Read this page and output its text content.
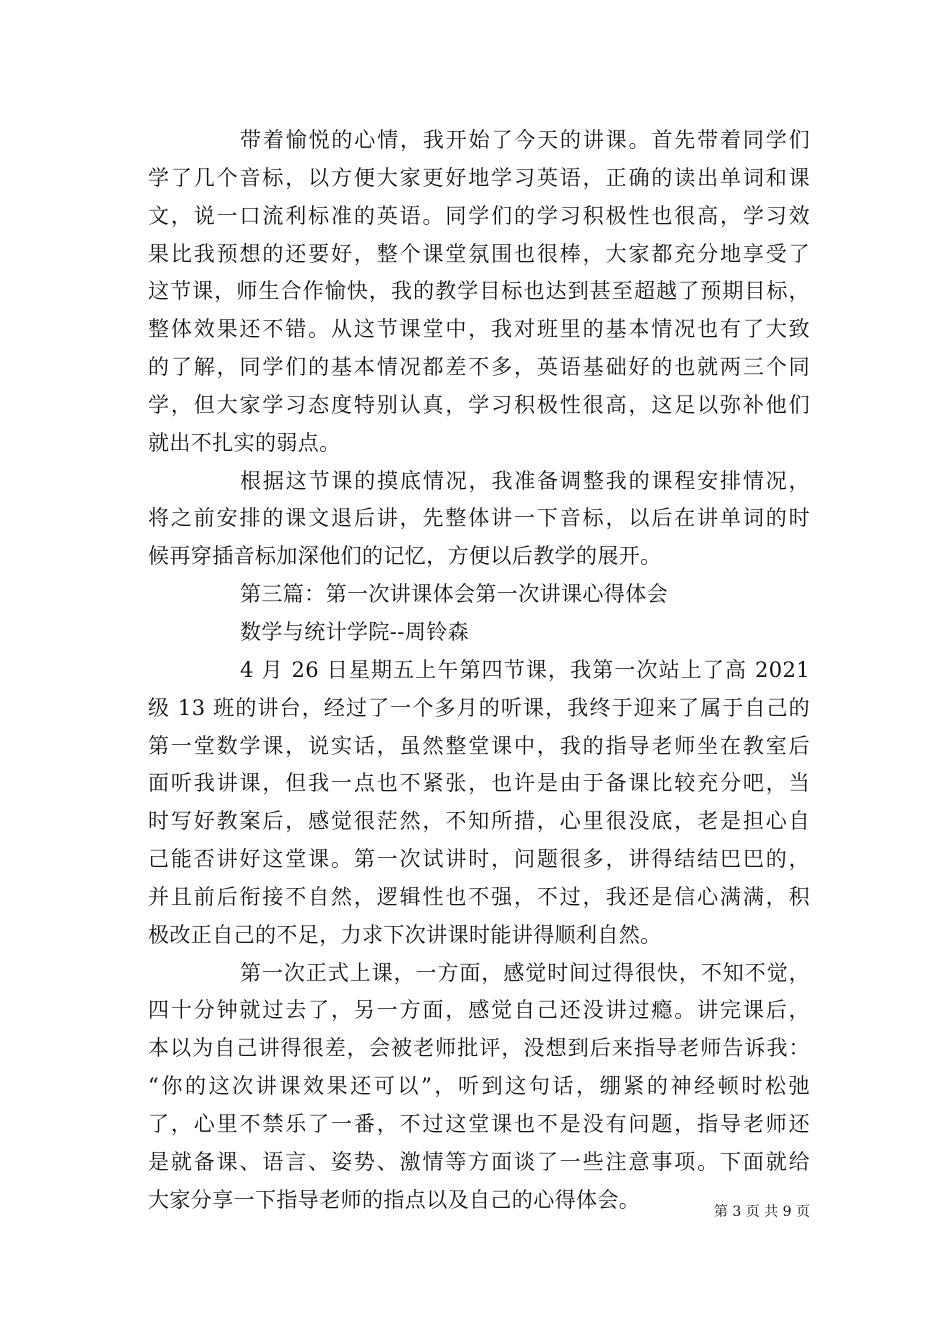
带着愉悦的心情，我开始了今天的讲课。首先带着同学们
学了几个音标，以方便大家更好地学习英语，正确的读出单词和课
文，说一口流利标准的英语。同学们的学习积极性也很高，学习效
果比我预想的还要好，整个课堂氛围也很棒，大家都充分地享受了
这节课，师生合作愉快，我的教学目标也达到甚至超越了预期目标，
整体效果还不错。从这节课堂中，我对班里的基本情况也有了大致
的了解，同学们的基本情况都差不多，英语基础好的也就两三个同
学，但大家学习态度特别认真，学习积极性很高，这足以弥补他们
就出不扎实的弱点。
根据这节课的摸底情况，我准备调整我的课程安排情况，
将之前安排的课文退后讲，先整体讲一下音标，以后在讲单词的时
候再穿插音标加深他们的记忆，方便以后教学的展开。
第三篇：第一次讲课体会第一次讲课心得体会
数学与统计学院--周铃森
4 月 26 日星期五上午第四节课，我第一次站上了高 2021
级 13 班的讲台，经过了一个多月的听课，我终于迎来了属于自己的
第一堂数学课，说实话，虽然整堂课中，我的指导老师坐在教室后
面听我讲课，但我一点也不紧张，也许是由于备课比较充分吧，当
时写好教案后，感觉很茫然，不知所措，心里很没底，老是担心自
己能否讲好这堂课。第一次试讲时，问题很多，讲得结结巴巴的，
并且前后衔接不自然，逻辑性也不强，不过，我还是信心满满，积
极改正自己的不足，力求下次讲课时能讲得顺利自然。
第一次正式上课，一方面，感觉时间过得很快，不知不觉，
四十分钟就过去了，另一方面，感觉自己还没讲过瘾。讲完课后，
本以为自己讲得很差，会被老师批评，没想到后来指导老师告诉我：
“你的这次讲课效果还可以”，听到这句话，绷紧的神经顿时松弛
了，心里不禁乐了一番，不过这堂课也不是没有问题，指导老师还
是就备课、语言、姿势、激情等方面谈了一些注意事项。下面就给
大家分享一下指导老师的指点以及自己的心得体会。
第 3 页 共 9 页
